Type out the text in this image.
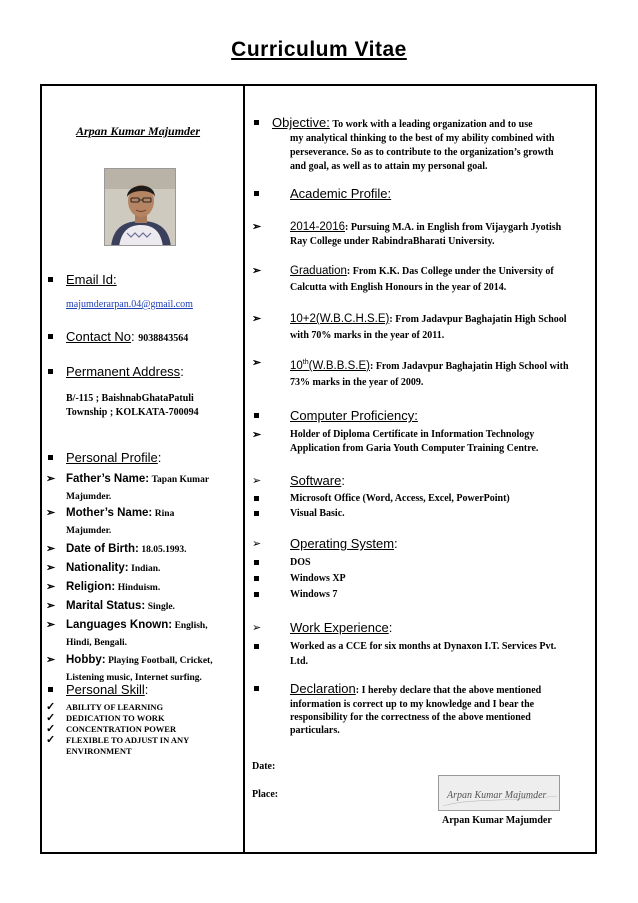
Curriculum Vitae
Arpan Kumar Majumder
Email Id:
majumderarpan.04@gmail.com
Contact No: 9038843564
Permanent Address:
B/-115 ; BaishnabGhataPatuli
Township ; KOLKATA-700094
Personal Profile:
➢ Father’s Name: Tapan Kumar
Majumder.
➢ Mother’s Name: Rina
Majumder.
➢ Date of Birth: 18.05.1993.
➢ Nationality: Indian.
➢ Religion: Hinduism.
➢ Marital Status: Single.
➢ Languages Known: English,
Hindi, Bengali.
➢ Hobby: Playing Football, Cricket,
Listening music, Internet surfing.
Personal Skill:
✓ ABILITY OF LEARNING
✓ DEDICATION TO WORK
✓ CONCENTRATION POWER
✓ FLEXIBLE TO ADJUST IN ANY
ENVIRONMENT
Objective: To work with a leading organization and to use
my analytical thinking to the best of my ability combined with
perseverance. So as to contribute to the organization’s growth
and goal, as well as to attain my personal goal.
Academic Profile:
➢ 2014-2016: Pursuing M.A. in English from Vijaygarh Jyotish
Ray College under RabindraBharati University.
➢ Graduation: From K.K. Das College under the University of
Calcutta with English Honours in the year of 2014.
➢ 10+2(W.B.C.H.S.E): From Jadavpur Baghajatin High School
with 70% marks in the year of 2011.
➢ 10th(W.B.B.S.E): From Jadavpur Baghajatin High School with
73% marks in the year of 2009.
Computer Proficiency:
➢ Holder of Diploma Certificate in Information Technology
Application from Garia Youth Computer Training Centre.
➢ Software:
Microsoft Office (Word, Access, Excel, PowerPoint)
Visual Basic.
➢ Operating System:
DOS
Windows XP
Windows 7
➢ Work Experience:
Worked as a CCE for six months at Dynaxon I.T. Services Pvt.
Ltd.
Declaration: I hereby declare that the above mentioned
information is correct up to my knowledge and I bear the
responsibility for the correctness of the above mentioned
particulars.
Date:
Place:	Arpan Kumar Majumder
Arpan Kumar Majumder
